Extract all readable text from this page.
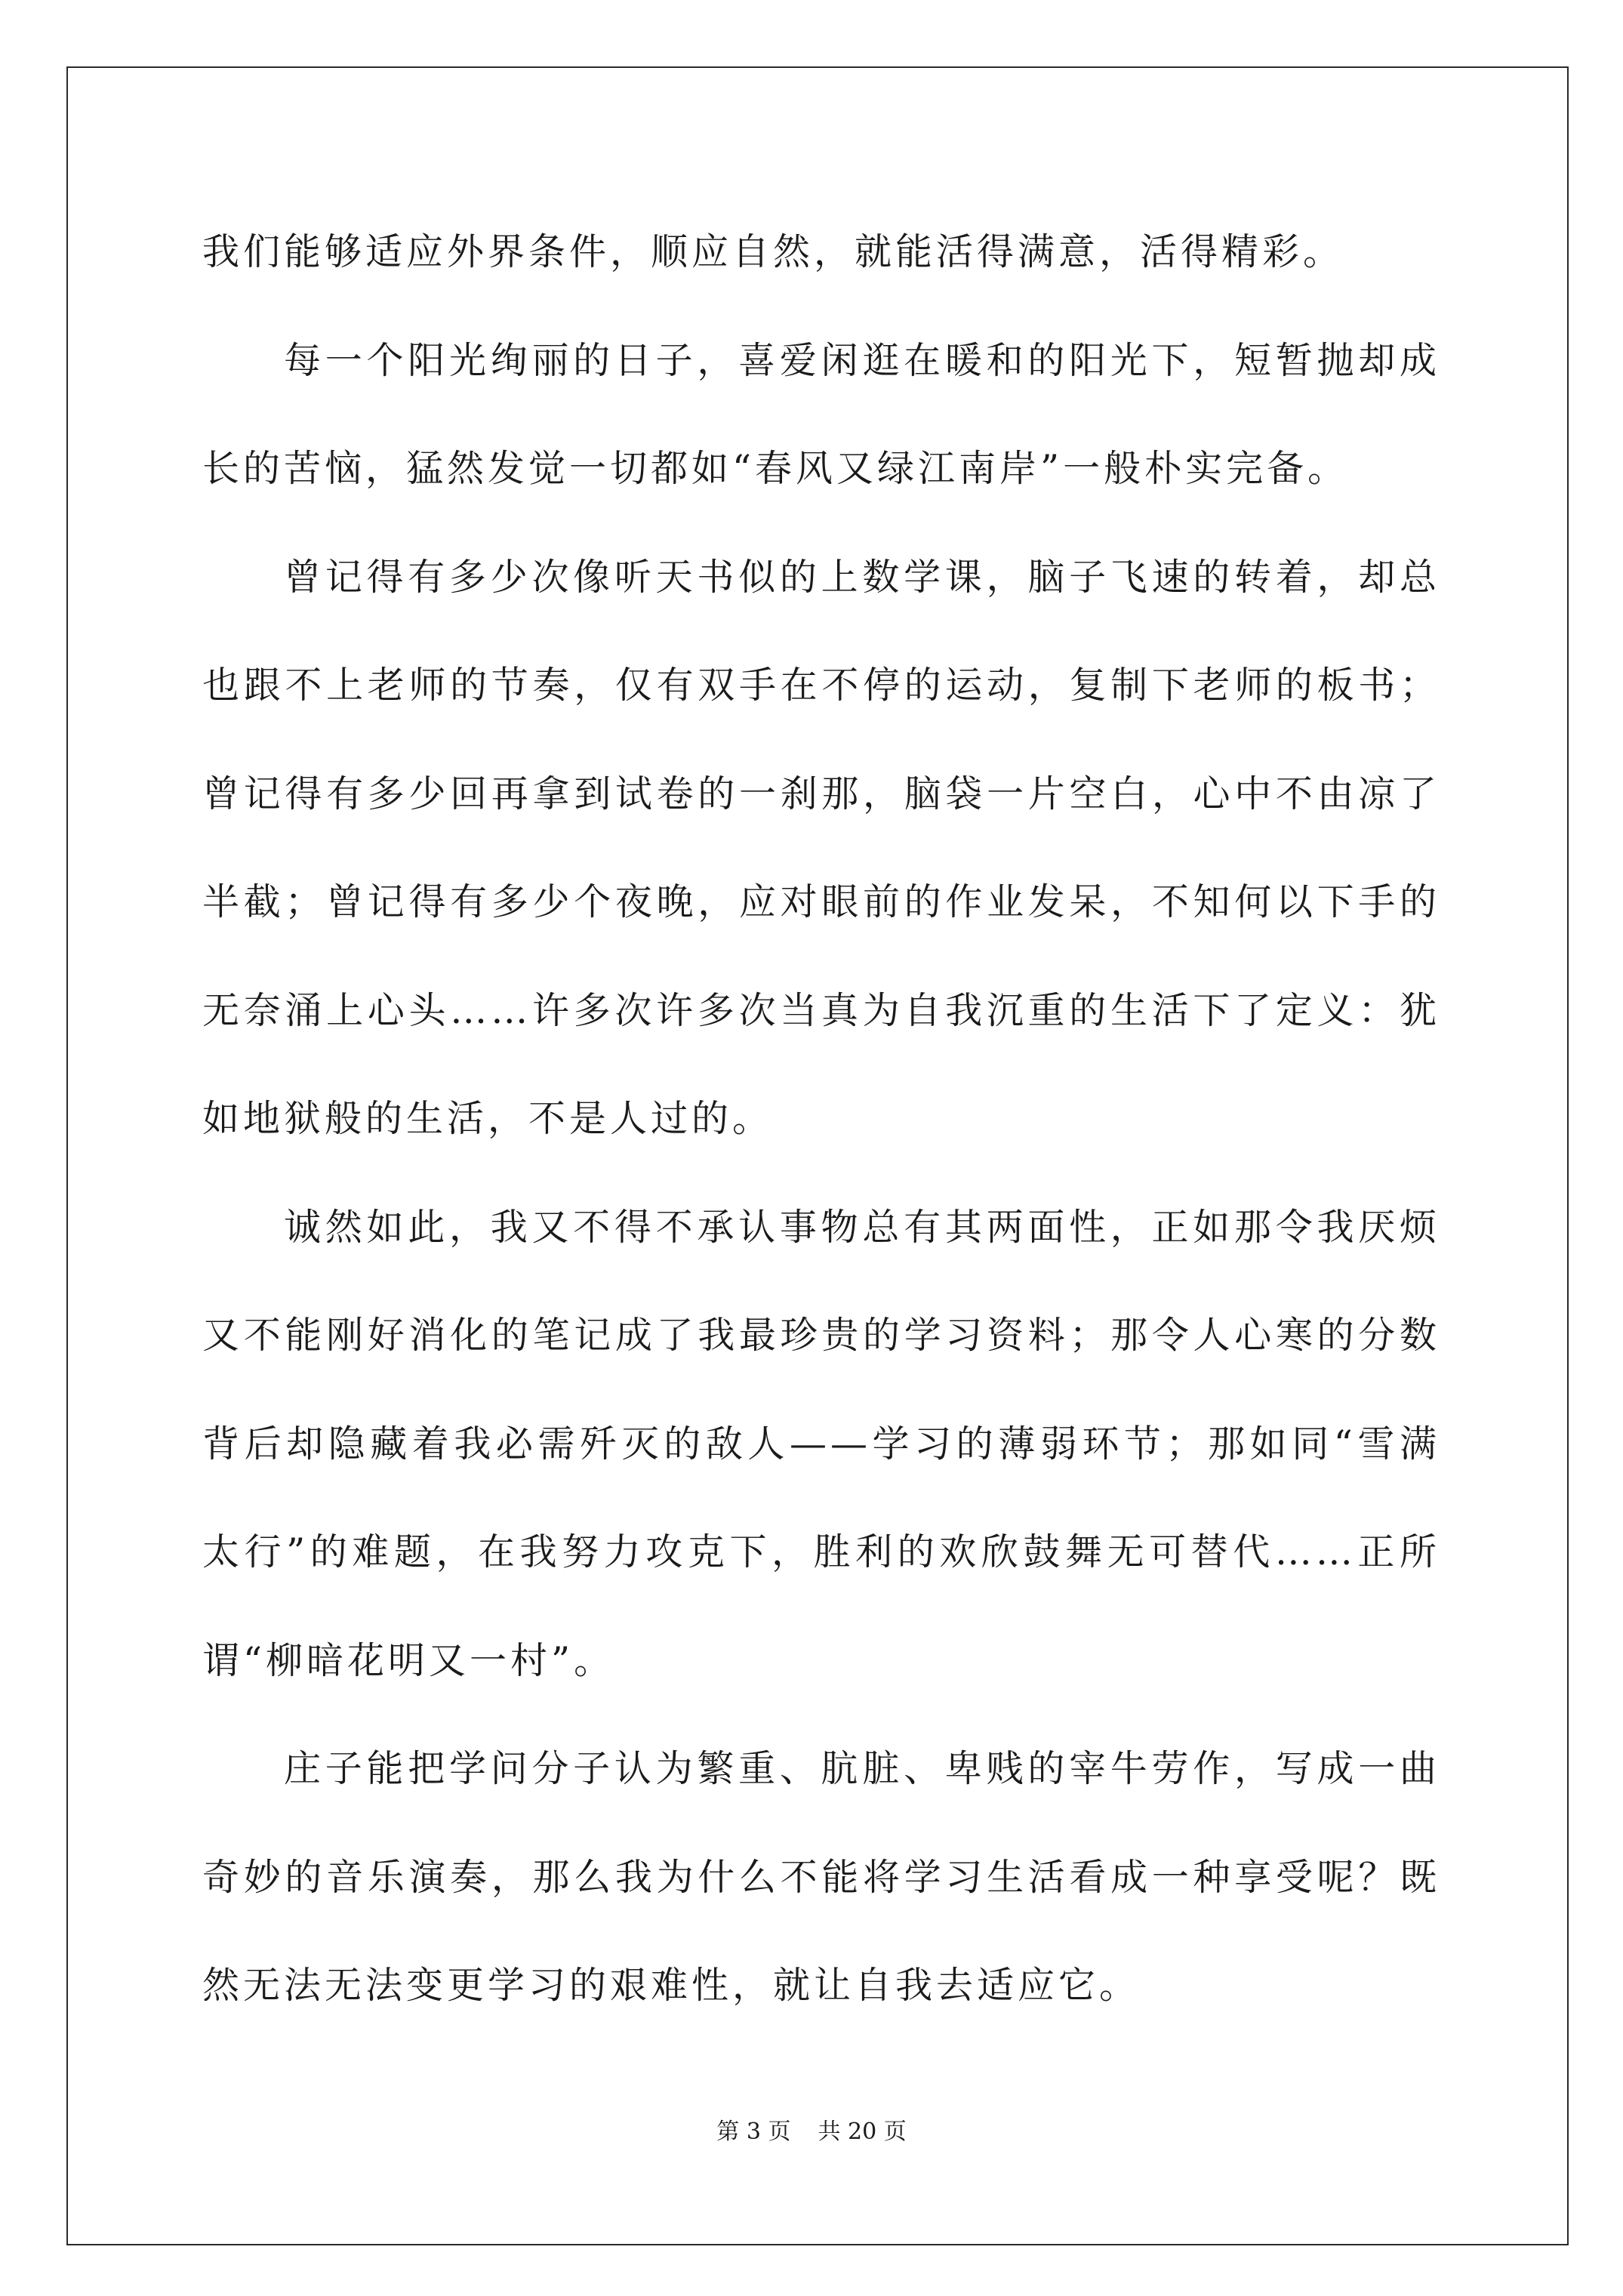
我们能够适应外界条件，顺应自然，就能活得满意，活得精彩。

每一个阳光绚丽的日子，喜爱闲逛在暖和的阳光下，短暂抛却成长的苦恼，猛然发觉一切都如“春风又绿江南岸”一般朴实完备。

曾记得有多少次像听天书似的上数学课，脑子飞速的转着，却总也跟不上老师的节奏，仅有双手在不停的运动，复制下老师的板书；曾记得有多少回再拿到试卷的一刹那，脑袋一片空白，心中不由凉了半截；曾记得有多少个夜晚，应对眼前的作业发呆，不知何以下手的无奈涌上心头……许多次许多次当真为自我沉重的生活下了定义：犹如地狱般的生活，不是人过的。

诚然如此，我又不得不承认事物总有其两面性，正如那令我厌烦又不能刚好消化的笔记成了我最珍贵的学习资料；那令人心寒的分数背后却隐藏着我必需歼灭的敌人——学习的薄弱环节；那如同“雪满太行”的难题，在我努力攻克下，胜利的欢欣鼓舞无可替代……正所谓“柳暗花明又一村”。

庄子能把学问分子认为繁重、肮脏、卑贱的宰牛劳作，写成一曲奇妙的音乐演奏，那么我为什么不能将学习生活看成一种享受呢？既然无法无法变更学习的艰难性，就让自我去适应它。

第 3 页 共 20 页
